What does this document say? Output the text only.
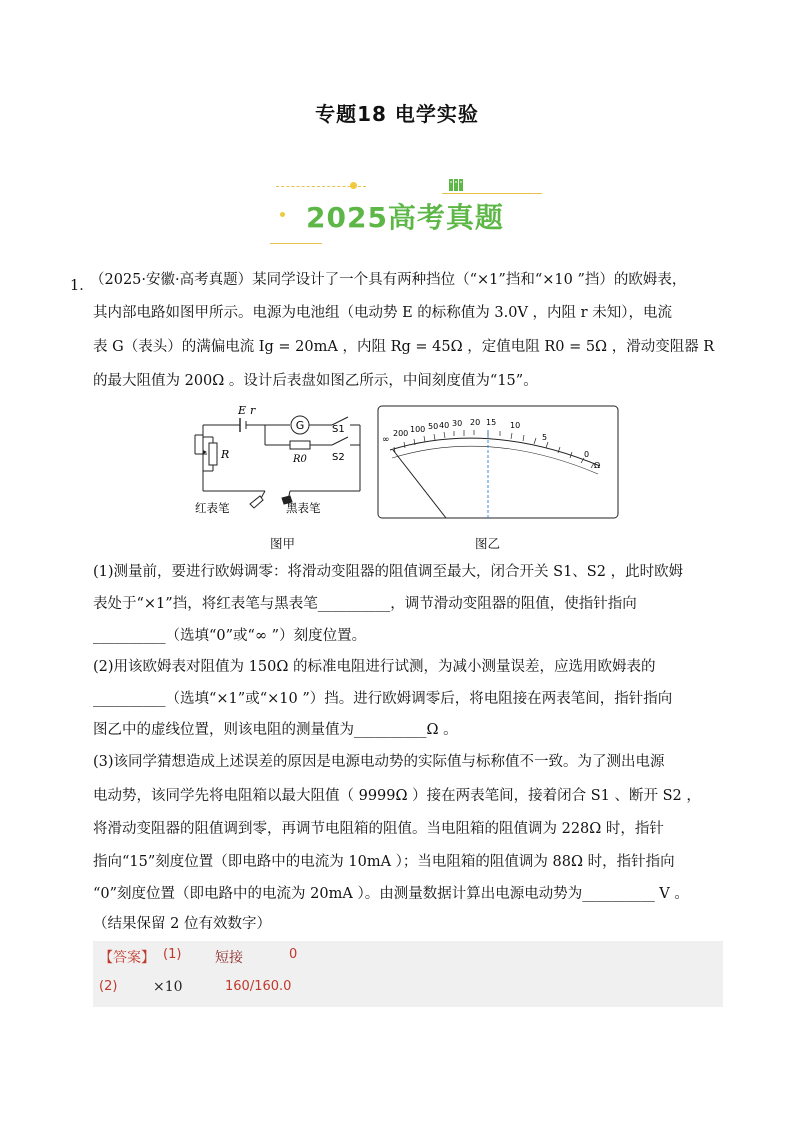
专题18 电学实验
2025高考真题
1．
（2025·安徽·高考真题）某同学设计了一个具有两种挡位（“×1”挡和“×10 ”挡）的欧姆表，
其内部电路如图甲所示。电源为电池组（电动势 E 的标称值为 3.0V ，内阻 r 未知），电流
表 G（表头）的满偏电流 Ig = 20mA ，内阻 Rg = 45Ω ，定值电阻 R0 = 5Ω ，滑动变阻器 R
的最大阻值为 200Ω 。设计后表盘如图乙所示，中间刻度值为“15”。
G
E r
S1
S2
R0
R
红表笔	黑表笔
∞
200 100 50 40 30 20 15 10
5
0
Ω
图甲	图乙
(1)测量前，要进行欧姆调零：将滑动变阻器的阻值调至最大，闭合开关 S1、S2 ，此时欧姆
表处于“×1”挡，将红表笔与黑表笔__________，调节滑动变阻器的阻值，使指针指向
__________（选填“0”或“∞ ”）刻度位置。
(2)用该欧姆表对阻值为 150Ω 的标准电阻进行试测，为减小测量误差，应选用欧姆表的
__________（选填“×1”或“×10 ”）挡。进行欧姆调零后，将电阻接在两表笔间，指针指向
图乙中的虚线位置，则该电阻的测量值为__________Ω 。
(3)该同学猜想造成上述误差的原因是电源电动势的实际值与标称值不一致。为了测出电源
电动势，该同学先将电阻箱以最大阻值（ 9999Ω ）接在两表笔间，接着闭合 S1 、断开 S2 ，
将滑动变阻器的阻值调到零，再调节电阻箱的阻值。当电阻箱的阻值调为 228Ω 时，指针
指向“15”刻度位置（即电路中的电流为 10mA ）；当电阻箱的阻值调为 88Ω 时，指针指向
“0”刻度位置（即电路中的电流为 20mA ）。由测量数据计算出电源电动势为__________ V 。
（结果保留 2 位有效数字）
【答案】 (1) 短接	0
(2)	×10	160/160.0
